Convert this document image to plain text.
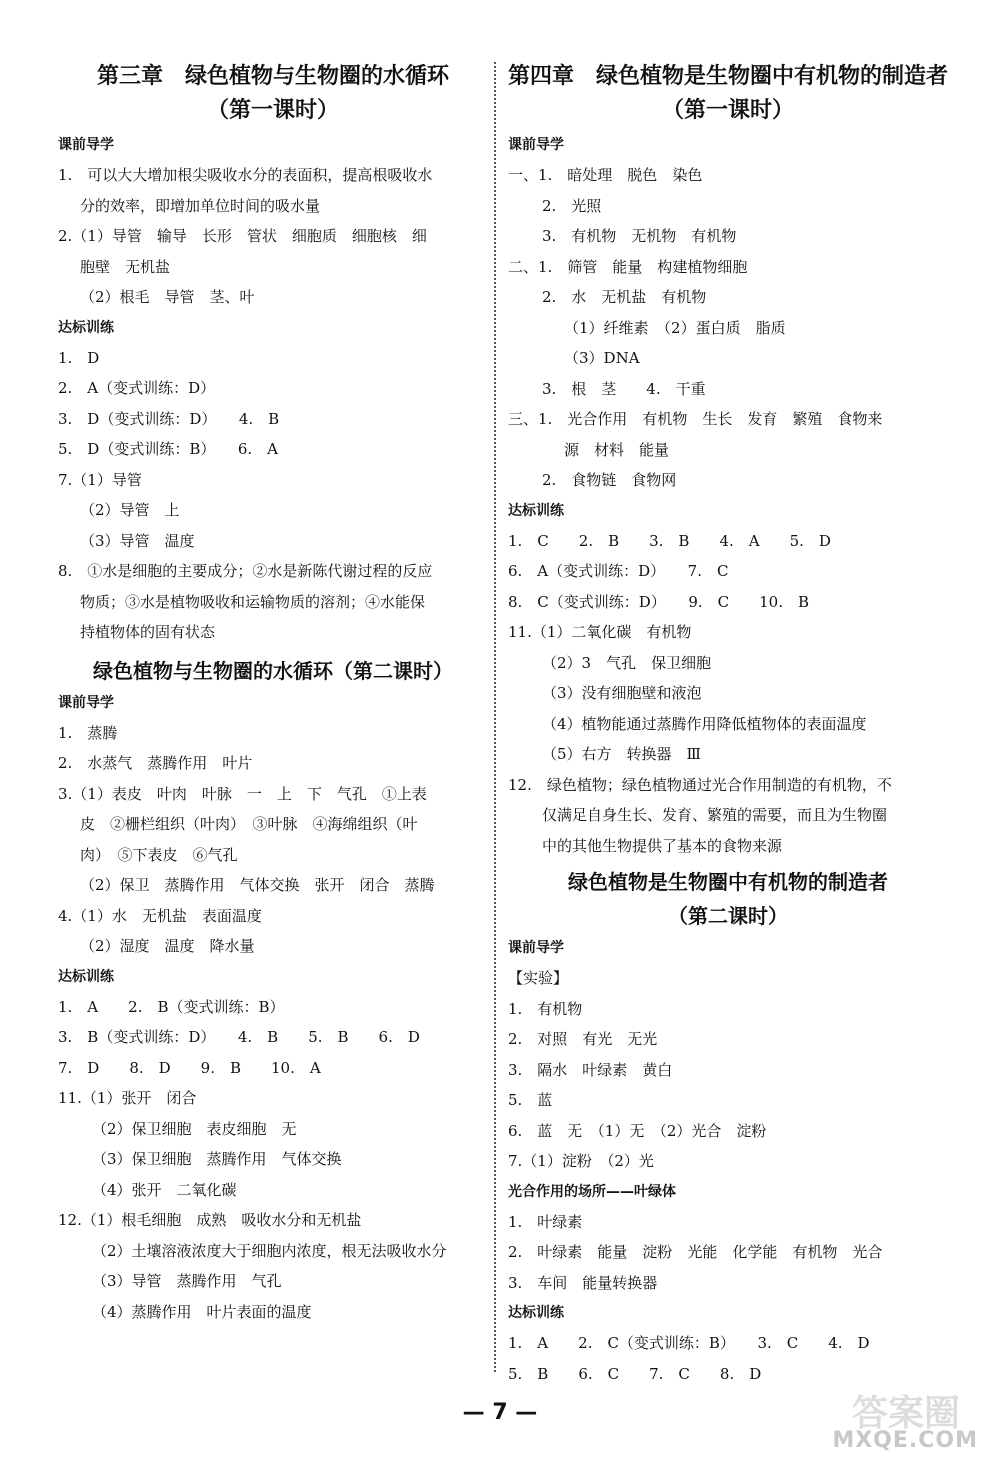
第三章　绿色植物与生物圈的水循环
（第一课时）
课前导学
1.　可以大大增加根尖吸收水分的表面积，提高根吸收水
分的效率，即增加单位时间的吸水量
2.（1）导管　输导　长形　管状　细胞质　细胞核　细
胞壁　无机盐
（2）根毛　导管　茎、叶
达标训练
1.　D
2.　A（变式训练：D）
3.　D（变式训练：D）　　4.　B
5.　D（变式训练：B）　　6.　A
7.（1）导管
（2）导管　上
（3）导管　温度
8.　①水是细胞的主要成分；②水是新陈代谢过程的反应
物质；③水是植物吸收和运输物质的溶剂；④水能保
持植物体的固有状态
绿色植物与生物圈的水循环（第二课时）
课前导学
1.　蒸腾
2.　水蒸气　蒸腾作用　叶片
3.（1）表皮　叶肉　叶脉　一　上　下　气孔　①上表
皮　②栅栏组织（叶肉）　③叶脉　④海绵组织（叶
肉）　⑤下表皮　⑥气孔
（2）保卫　蒸腾作用　气体交换　张开　闭合　蒸腾
4.（1）水　无机盐　表面温度
（2）湿度　温度　降水量
达标训练
1.　A　　2.　B（变式训练：B）
3.　B（变式训练：D）　　4.　B　　5.　B　　6.　D
7.　D　　8.　D　　9.　B　　10.　A
11.（1）张开　闭合
（2）保卫细胞　表皮细胞　无
（3）保卫细胞　蒸腾作用　气体交换
（4）张开　二氧化碳
12.（1）根毛细胞　成熟　吸收水分和无机盐
（2）土壤溶液浓度大于细胞内浓度，根无法吸收水分
（3）导管　蒸腾作用　气孔
（4）蒸腾作用　叶片表面的温度
第四章　绿色植物是生物圈中有机物的制造者
（第一课时）
课前导学
一、1.　暗处理　脱色　染色
2.　光照
3.　有机物　无机物　有机物
二、1.　筛管　能量　构建植物细胞
2.　水　无机盐　有机物
（1）纤维素　（2）蛋白质　脂质
（3）DNA
3.　根　茎　　4.　干重
三、1.　光合作用　有机物　生长　发育　繁殖　食物来
源　材料　能量
2.　食物链　食物网
达标训练
1.　C　　2.　B　　3.　B　　4.　A　　5.　D
6.　A（变式训练：D）　　7.　C
8.　C（变式训练：D）　　9.　C　　10.　B
11.（1）二氧化碳　有机物
（2）3　气孔　保卫细胞
（3）没有细胞壁和液泡
（4）植物能通过蒸腾作用降低植物体的表面温度
（5）右方　转换器　Ⅲ
12.　绿色植物；绿色植物通过光合作用制造的有机物，不
仅满足自身生长、发育、繁殖的需要，而且为生物圈
中的其他生物提供了基本的食物来源
绿色植物是生物圈中有机物的制造者
（第二课时）
课前导学
【实验】
1.　有机物
2.　对照　有光　无光
3.　隔水　叶绿素　黄白
5.　蓝
6.　蓝　无　（1）无　（2）光合　淀粉
7.（1）淀粉　（2）光
光合作用的场所——叶绿体
1.　叶绿素
2.　叶绿素　能量　淀粉　光能　化学能　有机物　光合
3.　车间　能量转换器
达标训练
1.　A　　2.　C（变式训练：B）　　3.　C　　4.　D
5.　B　　6.　C　　7.　C　　8.　D
— 7 —	答案圈
MXQE.COM
